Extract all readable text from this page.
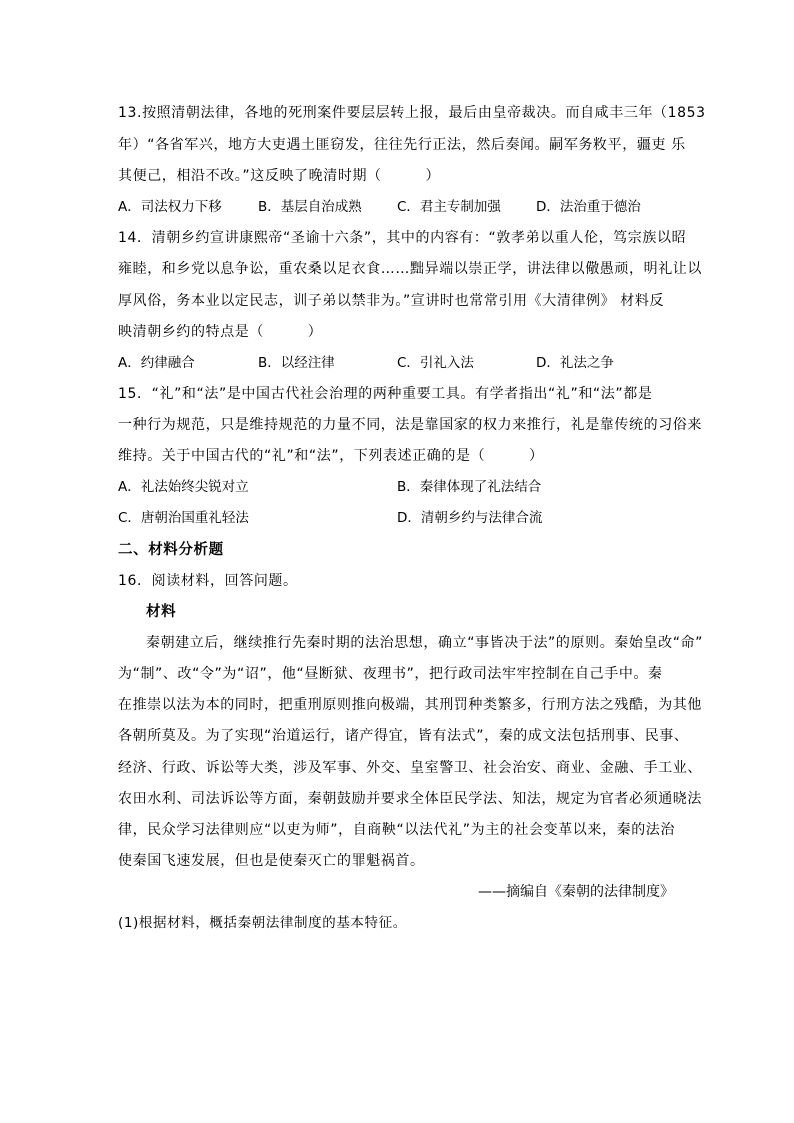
13.按照清朝法律，各地的死刑案件要层层转上报，最后由皇帝裁决。而自咸丰三年（1853
年）“各省军兴，地方大吏遇土匪窃发，往往先行正法，然后奏闻。嗣军务敉平，疆吏 乐
其便己，相沿不改。”这反映了晚清时期（　　　）
A．司法权力下移	B．基层自治成熟	C．君主专制加强	D．法治重于德治
14．清朝乡约宣讲康熙帝“圣谕十六条”，其中的内容有：“敦孝弟以重人伦，笃宗族以昭
雍睦，和乡党以息争讼，重农桑以足衣食……黜异端以崇正学，讲法律以儆愚顽，明礼让以
厚风俗，务本业以定民志，训子弟以禁非为。”宣讲时也常常引用《大清律例》 材料反
映清朝乡约的特点是（　　　）
A．约律融合	B．以经注律	C．引礼入法	D．礼法之争
15．“礼”和“法”是中国古代社会治理的两种重要工具。有学者指出“礼”和“法”都是
一种行为规范，只是维持规范的力量不同，法是靠国家的权力来推行，礼是靠传统的习俗来
维持。关于中国古代的“礼”和“法”，下列表述正确的是（　　　）
A．礼法始终尖锐对立	B．秦律体现了礼法结合
C．唐朝治国重礼轻法	D．清朝乡约与法律合流
二、材料分析题
16．阅读材料，回答问题。
材料
秦朝建立后，继续推行先秦时期的法治思想，确立“事皆决于法”的原则。秦始皇改“命”
为“制”、改“令”为“诏”，他“昼断狱、夜理书”，把行政司法牢牢控制在自己手中。秦
在推崇以法为本的同时，把重刑原则推向极端，其刑罚种类繁多，行刑方法之残酷，为其他
各朝所莫及。为了实现“治道运行，诸产得宜，皆有法式”，秦的成文法包括刑事、民事、
经济、行政、诉讼等大类，涉及军事、外交、皇室警卫、社会治安、商业、金融、手工业、
农田水利、司法诉讼等方面，秦朝鼓励并要求全体臣民学法、知法，规定为官者必须通晓法
律，民众学习法律则应“以吏为师”，自商鞅“以法代礼”为主的社会变革以来，秦的法治
使秦国飞速发展，但也是使秦灭亡的罪魁祸首。
——摘编自《秦朝的法律制度》
(1)根据材料，概括秦朝法律制度的基本特征。
